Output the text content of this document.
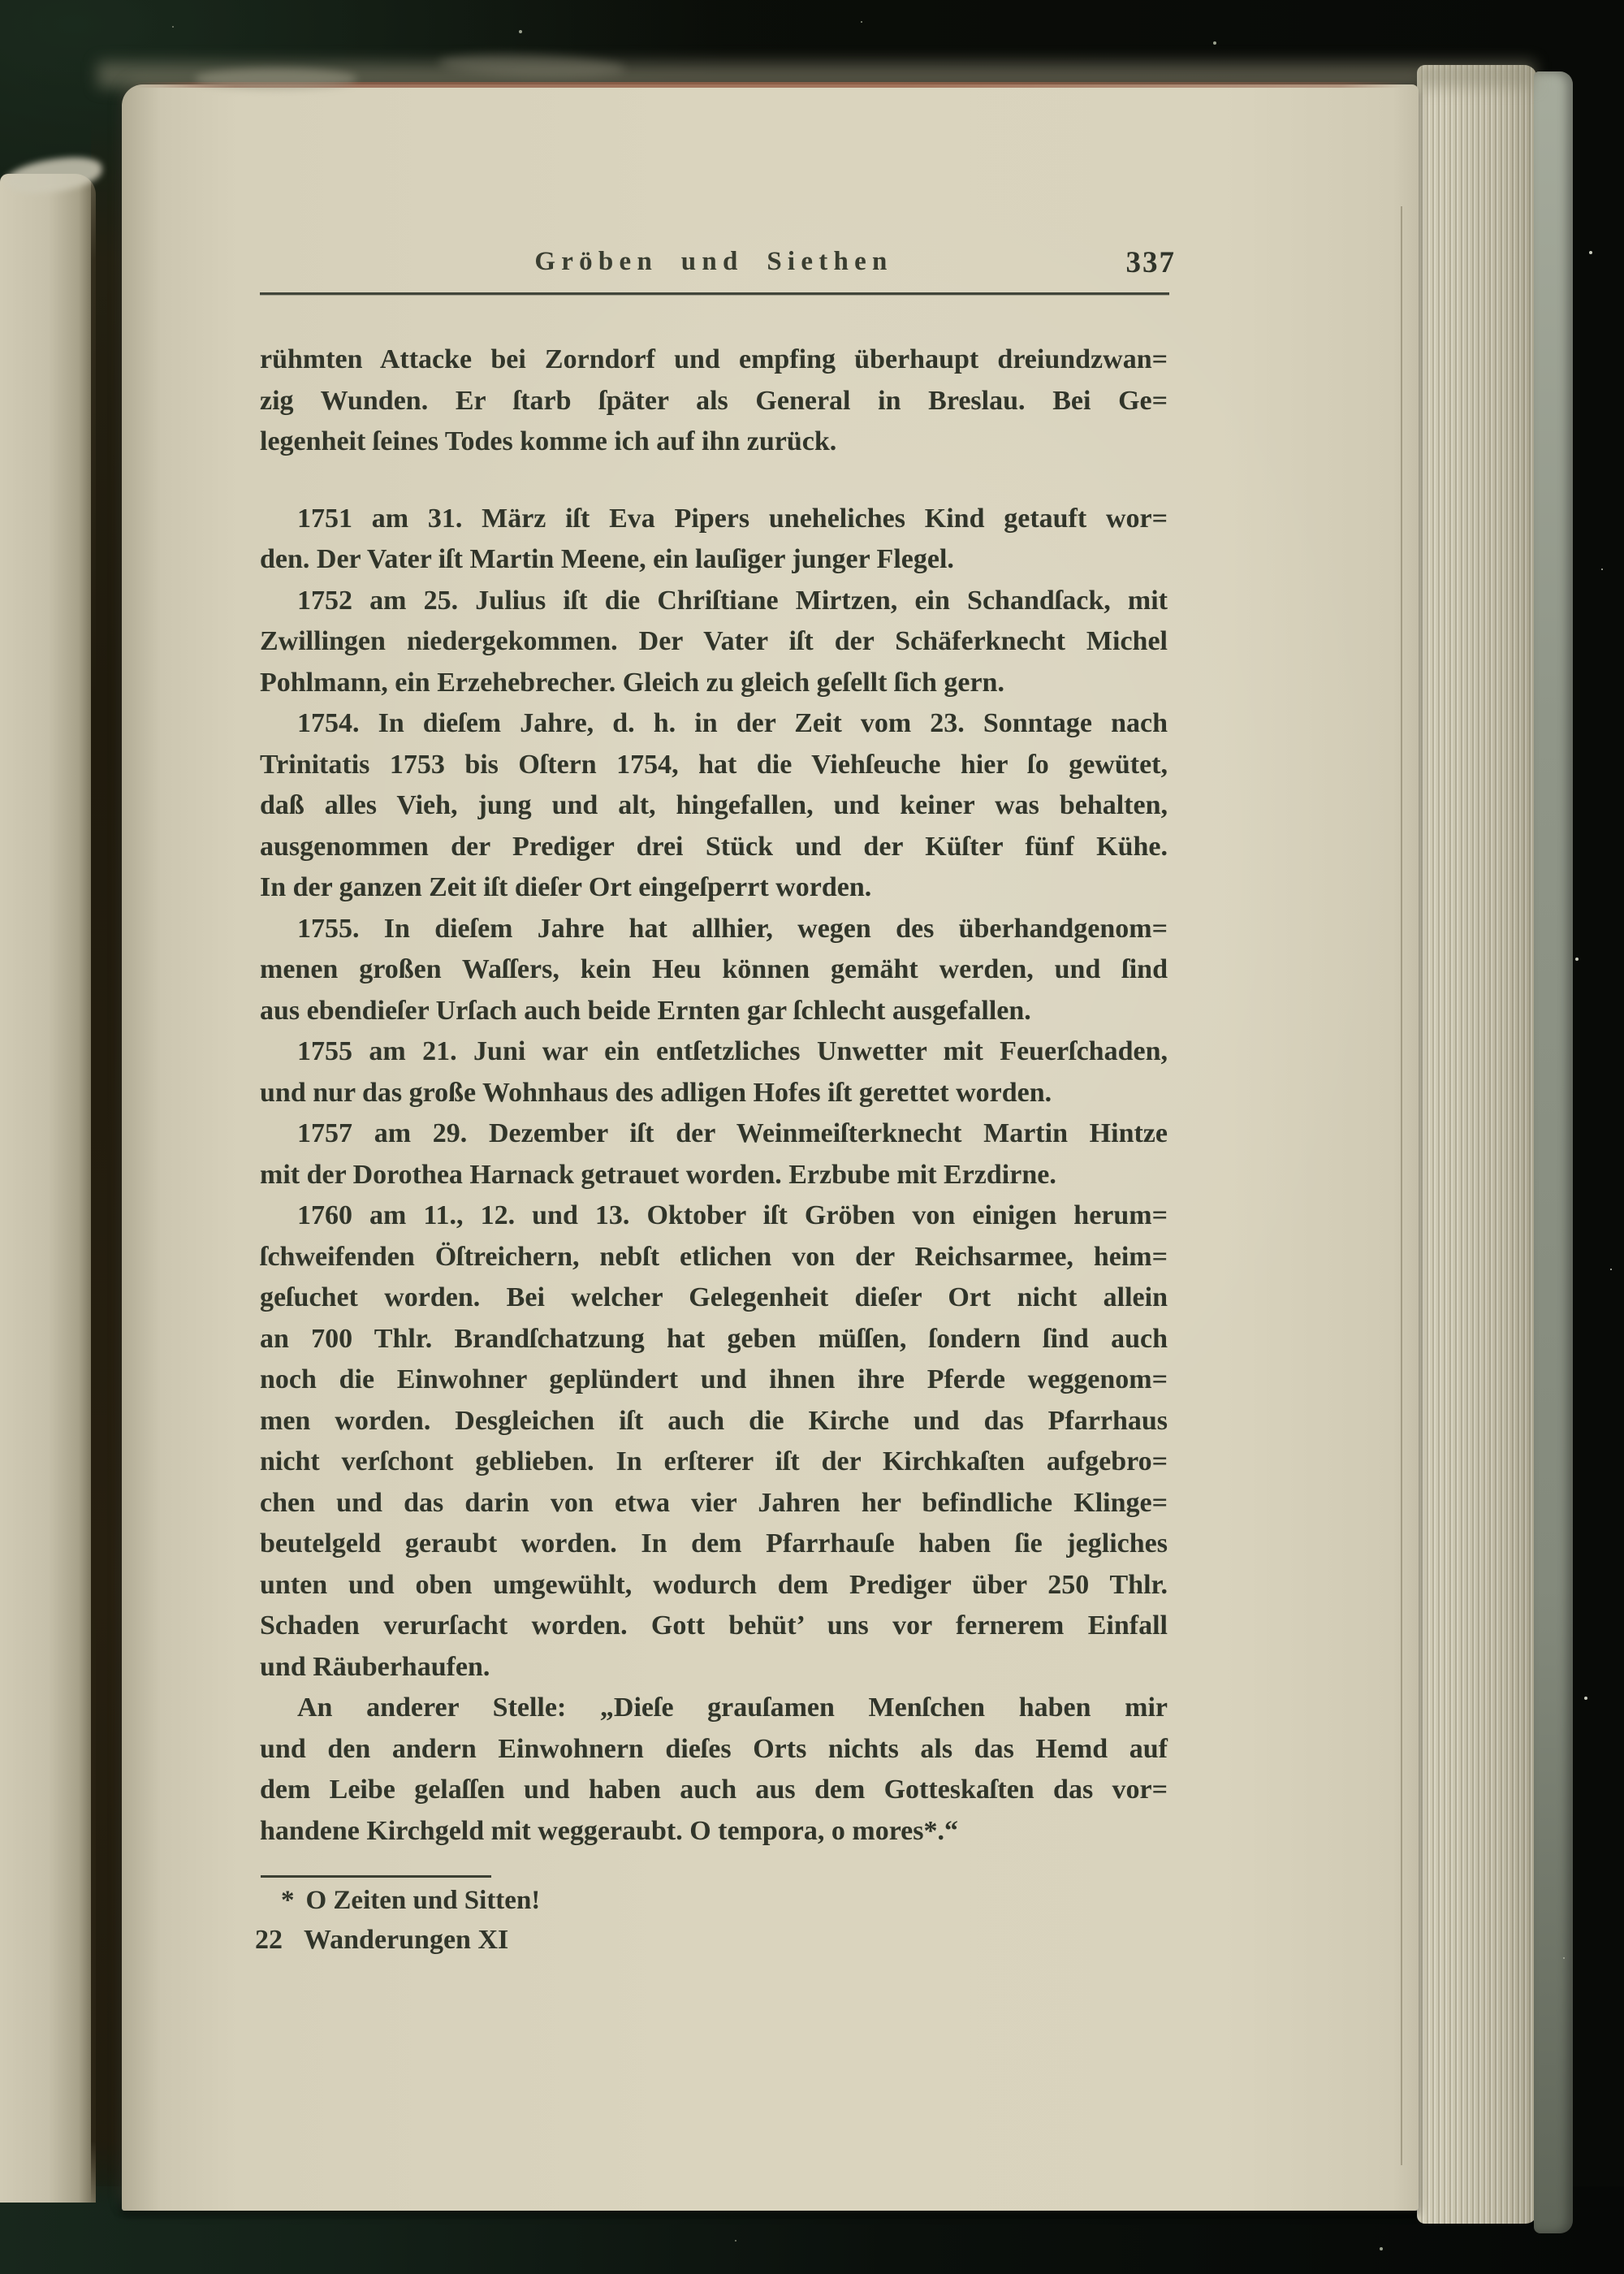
Gröben und Siethen	337
rühmten Attacke bei Zorndorf und empfing überhaupt dreiundzwan=
zig Wunden. Er ſtarb ſpäter als General in Breslau. Bei Ge=
legenheit ſeines Todes komme ich auf ihn zurück.
1751 am 31. März iſt Eva Pipers uneheliches Kind getauft wor=
den. Der Vater iſt Martin Meene, ein lauſiger junger Flegel.
1752 am 25. Julius iſt die Chriſtiane Mirtzen, ein Schandſack, mit
Zwillingen niedergekommen. Der Vater iſt der Schäferknecht Michel
Pohlmann, ein Erzehebrecher. Gleich zu gleich geſellt ſich gern.
1754. In dieſem Jahre, d. h. in der Zeit vom 23. Sonntage nach
Trinitatis 1753 bis Oſtern 1754, hat die Viehſeuche hier ſo gewütet,
daß alles Vieh, jung und alt, hingefallen, und keiner was behalten,
ausgenommen der Prediger drei Stück und der Küſter fünf Kühe.
In der ganzen Zeit iſt dieſer Ort eingeſperrt worden.
1755. In dieſem Jahre hat allhier, wegen des überhandgenom=
menen großen Waſſers, kein Heu können gemäht werden, und ſind
aus ebendieſer Urſach auch beide Ernten gar ſchlecht ausgefallen.
1755 am 21. Juni war ein entſetzliches Unwetter mit Feuerſchaden,
und nur das große Wohnhaus des adligen Hofes iſt gerettet worden.
1757 am 29. Dezember iſt der Weinmeiſterknecht Martin Hintze
mit der Dorothea Harnack getrauet worden. Erzbube mit Erzdirne.
1760 am 11., 12. und 13. Oktober iſt Gröben von einigen herum=
ſchweifenden Öſtreichern, nebſt etlichen von der Reichsarmee, heim=
geſuchet worden. Bei welcher Gelegenheit dieſer Ort nicht allein
an 700 Thlr. Brandſchatzung hat geben müſſen, ſondern ſind auch
noch die Einwohner geplündert und ihnen ihre Pferde weggenom=
men worden. Desgleichen iſt auch die Kirche und das Pfarrhaus
nicht verſchont geblieben. In erſterer iſt der Kirchkaſten aufgebro=
chen und das darin von etwa vier Jahren her befindliche Klinge=
beutelgeld geraubt worden. In dem Pfarrhauſe haben ſie jegliches
unten und oben umgewühlt, wodurch dem Prediger über 250 Thlr.
Schaden verurſacht worden. Gott behüt’ uns vor fernerem Einfall
und Räuberhaufen.
An anderer Stelle: „Dieſe grauſamen Menſchen haben mir
und den andern Einwohnern dieſes Orts nichts als das Hemd auf
dem Leibe gelaſſen und haben auch aus dem Gotteskaſten das vor=
handene Kirchgeld mit weggeraubt. O tempora, o mores*.“
* O Zeiten und Sitten!
22 Wanderungen XI
